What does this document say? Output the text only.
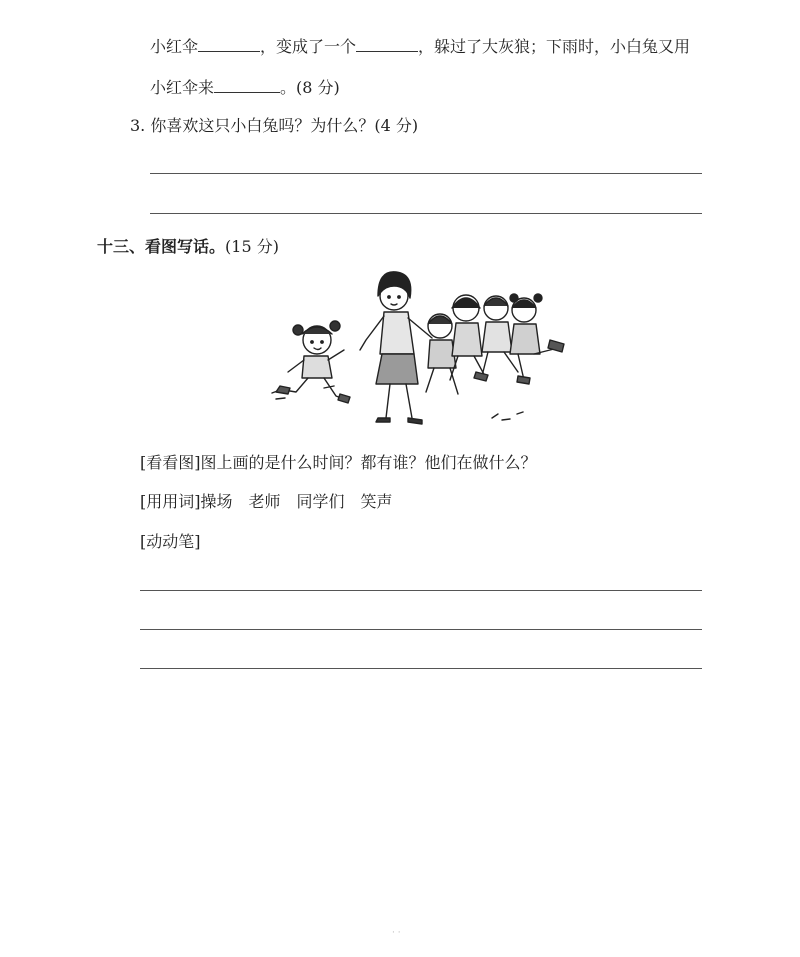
小红伞	，变成了一个	，躲过了大灰狼；下雨时，小白兔又用
小红伞来	。(8 分)
3. 你喜欢这只小白兔吗？为什么？(4 分)
十三、看图写话。(15 分)
[看看图]图上画的是什么时间？都有谁？他们在做什么？
[用用词]操场　老师　同学们　笑声
[动动笔]
· ·
